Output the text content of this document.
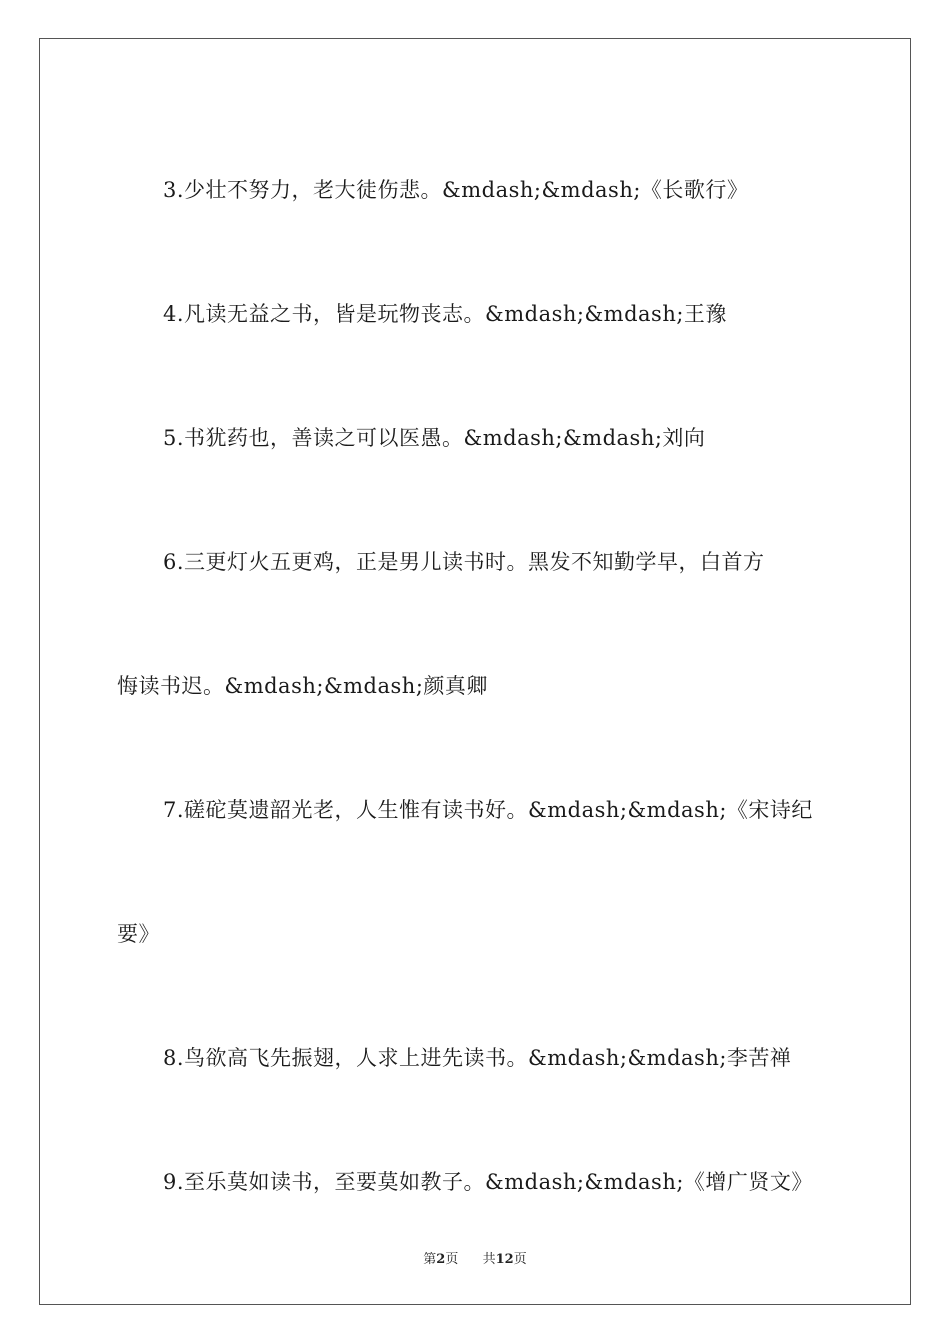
3.少壮不努力，老大徒伤悲。&mdash;&mdash;《长歌行》

4.凡读无益之书，皆是玩物丧志。&mdash;&mdash;王豫

5.书犹药也，善读之可以医愚。&mdash;&mdash;刘向

6.三更灯火五更鸡，正是男儿读书时。黑发不知勤学早，白首方
悔读书迟。&mdash;&mdash;颜真卿

7.磋砣莫遗韶光老，人生惟有读书好。&mdash;&mdash;《宋诗纪
要》

8.鸟欲高飞先振翅，人求上进先读书。&mdash;&mdash;李苦禅

9.至乐莫如读书，至要莫如教子。&mdash;&mdash;《增广贤文》

第2页 共12页
